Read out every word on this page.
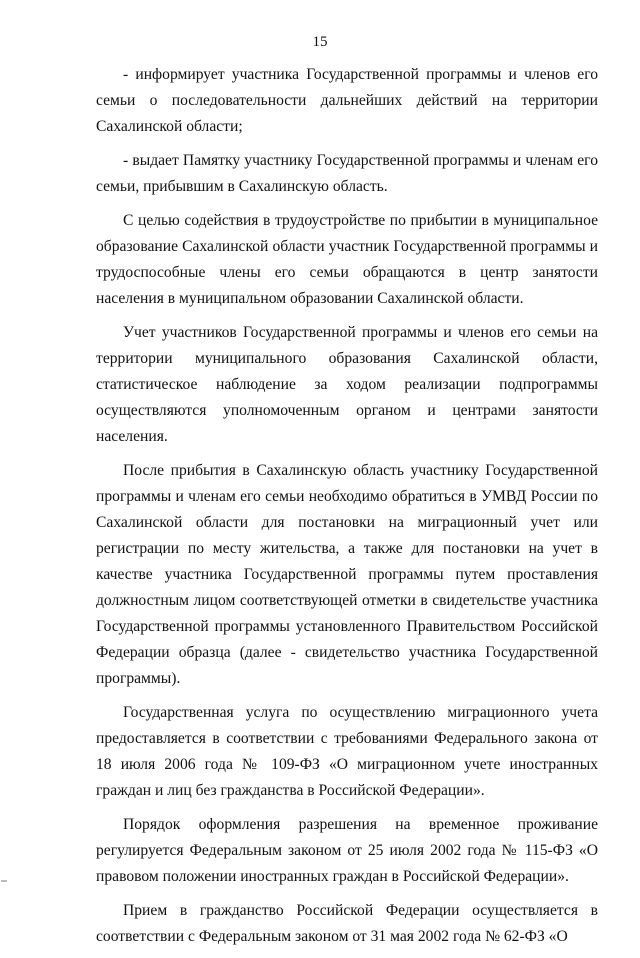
15

- информирует участника Государственной программы и членов его семьи о последовательности дальнейших действий на территории Сахалинской области;

- выдает Памятку участнику Государственной программы и членам его семьи, прибывшим в Сахалинскую область.

С целью содействия в трудоустройстве по прибытии в муниципальное образование Сахалинской области участник Государственной программы и трудоспособные члены его семьи обращаются в центр занятости населения в муниципальном образовании Сахалинской области.

Учет участников Государственной программы и членов его семьи на территории муниципального образования Сахалинской области, статистическое наблюдение за ходом реализации подпрограммы осуществляются уполномоченным органом и центрами занятости населения.

После прибытия в Сахалинскую область участнику Государственной программы и членам его семьи необходимо обратиться в УМВД России по Сахалинской области для постановки на миграционный учет или регистрации по месту жительства, а также для постановки на учет в качестве участника Государственной программы путем проставления должностным лицом соответствующей отметки в свидетельстве участника Государственной программы установленного Правительством Российской Федерации образца (далее - свидетельство участника Государственной программы).

Государственная услуга по осуществлению миграционного учета предоставляется в соответствии с требованиями Федерального закона от 18 июля 2006 года № 109-ФЗ «О миграционном учете иностранных граждан и лиц без гражданства в Российской Федерации».

Порядок оформления разрешения на временное проживание регулируется Федеральным законом от 25 июля 2002 года № 115-ФЗ «О правовом положении иностранных граждан в Российской Федерации».

Прием в гражданство Российской Федерации осуществляется в соответствии с Федеральным законом от 31 мая 2002 года № 62-ФЗ «О
